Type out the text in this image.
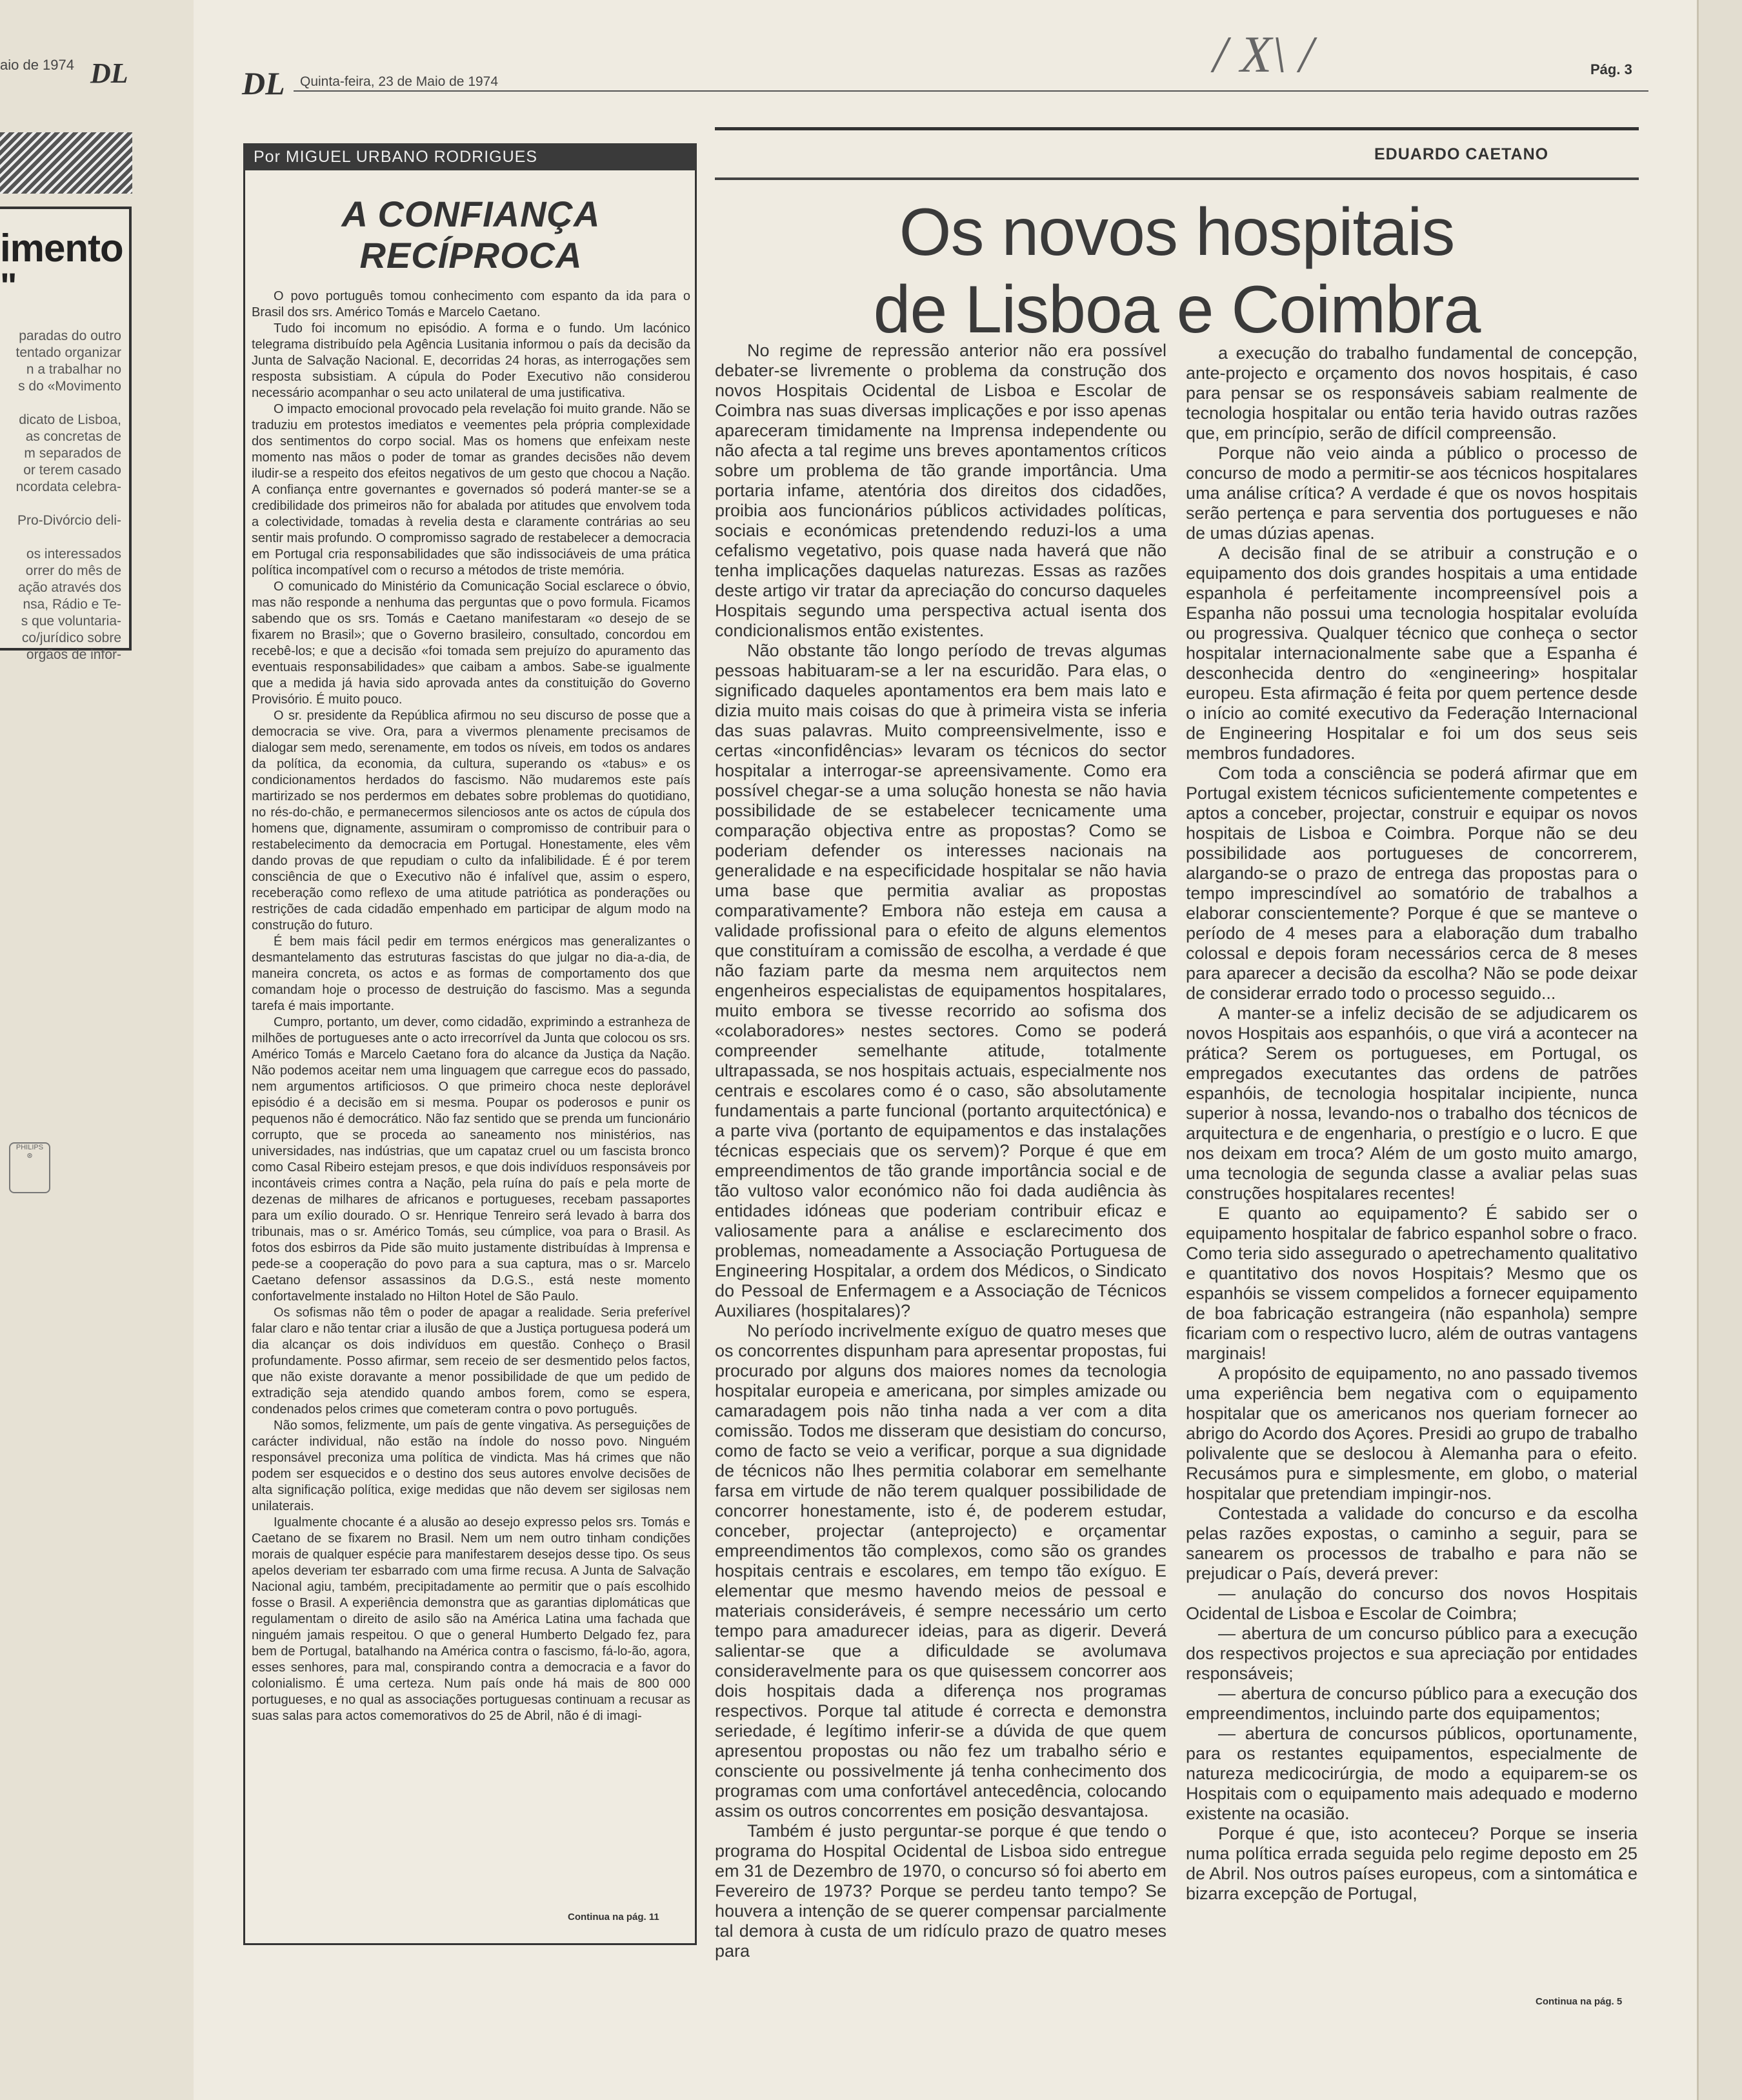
aio de 1974 DL
imento
"
paradas do outro
tentado organizar
n a trabalhar no
s do «Movimento
dicato de Lisboa,
as concretas de
m separados de
or terem casado
ncordata celebra-
Pro-Divórcio deli-
os interessados
orrer do mês de
ação através dos
nsa, Rádio e Te-
s que voluntaria-
co/jurídico sobre
orgãos de infor-
PHILIPS
⊛
DL Quinta-feira, 23 de Maio de 1974
Pág. 3
/ X\ /
Por MIGUEL URBANO RODRIGUES
A CONFIANÇA
RECÍPROCA

O povo português tomou conhecimento com espanto da ida para o Brasil dos srs. Américo Tomás e Marcelo Caetano.

Tudo foi incomum no episódio. A forma e o fundo. Um lacónico telegrama distribuído pela Agência Lusitania informou o país da decisão da Junta de Salvação Nacional. E, decorridas 24 horas, as interrogações sem resposta subsistiam. A cúpula do Poder Executivo não considerou necessário acompanhar o seu acto unilateral de uma justificativa.

O impacto emocional provocado pela revelação foi muito grande. Não se traduziu em protestos imediatos e veementes pela própria complexidade dos sentimentos do corpo social. Mas os homens que enfeixam neste momento nas mãos o poder de tomar as grandes decisões não devem iludir-se a respeito dos efeitos negativos de um gesto que chocou a Nação. A confiança entre governantes e governados só poderá manter-se se a credibilidade dos primeiros não for abalada por atitudes que envolvem toda a colectividade, tomadas à revelia desta e claramente contrárias ao seu sentir mais profundo. O compromisso sagrado de restabelecer a democracia em Portugal cria responsabilidades que são indissociáveis de uma prática política incompatível com o recurso a métodos de triste memória.

O comunicado do Ministério da Comunicação Social esclarece o óbvio, mas não responde a nenhuma das perguntas que o povo formula. Ficamos sabendo que os srs. Tomás e Caetano manifestaram «o desejo de se fixarem no Brasil»; que o Governo brasileiro, consultado, concordou em recebê-los; e que a decisão «foi tomada sem prejuízo do apuramento das eventuais responsabilidades» que caibam a ambos. Sabe-se igualmente que a medida já havia sido aprovada antes da constituição do Governo Provisório. É muito pouco.

O sr. presidente da República afirmou no seu discurso de posse que a democracia se vive. Ora, para a vivermos plenamente precisamos de dialogar sem medo, serenamente, em todos os níveis, em todos os andares da política, da economia, da cultura, superando os «tabus» e os condicionamentos herdados do fascismo. Não mudaremos este país martirizado se nos perdermos em debates sobre problemas do quotidiano, no rés-do-chão, e permanecermos silenciosos ante os actos de cúpula dos homens que, dignamente, assumiram o compromisso de contribuir para o restabelecimento da democracia em Portugal. Honestamente, eles vêm dando provas de que repudiam o culto da infalibilidade. É é por terem consciência de que o Executivo não é infalível que, assim o espero, receberação como reflexo de uma atitude patriótica as ponderações ou restrições de cada cidadão empenhado em participar de algum modo na construção do futuro.

É bem mais fácil pedir em termos enérgicos mas generalizantes o desmantelamento das estruturas fascistas do que julgar no dia-a-dia, de maneira concreta, os actos e as formas de comportamento dos que comandam hoje o processo de destruição do fascismo. Mas a segunda tarefa é mais importante.

Cumpro, portanto, um dever, como cidadão, exprimindo a estranheza de milhões de portugueses ante o acto irrecorrível da Junta que colocou os srs. Américo Tomás e Marcelo Caetano fora do alcance da Justiça da Nação. Não podemos aceitar nem uma linguagem que carregue ecos do passado, nem argumentos artificiosos. O que primeiro choca neste deplorável episódio é a decisão em si mesma. Poupar os poderosos e punir os pequenos não é democrático. Não faz sentido que se prenda um funcionário corrupto, que se proceda ao saneamento nos ministérios, nas universidades, nas indústrias, que um capataz cruel ou um fascista bronco como Casal Ribeiro estejam presos, e que dois indivíduos responsáveis por incontáveis crimes contra a Nação, pela ruína do país e pela morte de dezenas de milhares de africanos e portugueses, recebam passaportes para um exílio dourado. O sr. Henrique Tenreiro será levado à barra dos tribunais, mas o sr. Américo Tomás, seu cúmplice, voa para o Brasil. As fotos dos esbirros da Pide são muito justamente distribuídas à Imprensa e pede-se a cooperação do povo para a sua captura, mas o sr. Marcelo Caetano defensor assassinos da D.G.S., está neste momento confortavelmente instalado no Hilton Hotel de São Paulo.

Os sofismas não têm o poder de apagar a realidade. Seria preferível falar claro e não tentar criar a ilusão de que a Justiça portuguesa poderá um dia alcançar os dois indivíduos em questão. Conheço o Brasil profundamente. Posso afirmar, sem receio de ser desmentido pelos factos, que não existe doravante a menor possibilidade de que um pedido de extradição seja atendido quando ambos forem, como se espera, condenados pelos crimes que cometeram contra o povo português.

Não somos, felizmente, um país de gente vingativa. As perseguições de carácter individual, não estão na índole do nosso povo. Ninguém responsável preconiza uma política de vindicta. Mas há crimes que não podem ser esquecidos e o destino dos seus autores envolve decisões de alta significação política, exige medidas que não devem ser sigilosas nem unilaterais.

Igualmente chocante é a alusão ao desejo expresso pelos srs. Tomás e Caetano de se fixarem no Brasil. Nem um nem outro tinham condições morais de qualquer espécie para manifestarem desejos desse tipo. Os seus apelos deveriam ter esbarrado com uma firme recusa. A Junta de Salvação Nacional agiu, também, precipitadamente ao permitir que o país escolhido fosse o Brasil. A experiência demonstra que as garantias diplomáticas que regulamentam o direito de asilo são na América Latina uma fachada que ninguém jamais respeitou. O que o general Humberto Delgado fez, para bem de Portugal, batalhando na América contra o fascismo, fá-lo-ão, agora, esses senhores, para mal, conspirando contra a democracia e a favor do colonialismo. É uma certeza. Num país onde há mais de 800 000 portugueses, e no qual as associações portuguesas continuam a recusar as suas salas para actos comemorativos do 25 de Abril, não é di imagi-

Continua na pág. 11
EDUARDO CAETANO
Os novos hospitais
de Lisboa e Coimbra

No regime de repressão anterior não era possível debater-se livremente o problema da construção dos novos Hospitais Ocidental de Lisboa e Escolar de Coimbra nas suas diversas implicações e por isso apenas apareceram timidamente na Imprensa independente ou não afecta a tal regime uns breves apontamentos críticos sobre um problema de tão grande importância. Uma portaria infame, atentória dos direitos dos cidadões, proibia aos funcionários públicos actividades políticas, sociais e económicas pretendendo reduzi-los a uma cefalismo vegetativo, pois quase nada haverá que não tenha implicações daquelas naturezas. Essas as razões deste artigo vir tratar da apreciação do concurso daqueles Hospitais segundo uma perspectiva actual isenta dos condicionalismos então existentes.

Não obstante tão longo período de trevas algumas pessoas habituaram-se a ler na escuridão. Para elas, o significado daqueles apontamentos era bem mais lato e dizia muito mais coisas do que à primeira vista se inferia das suas palavras. Muito compreensivelmente, isso e certas «inconfidências» levaram os técnicos do sector hospitalar a interrogar-se apreensivamente. Como era possível chegar-se a uma solução honesta se não havia possibilidade de se estabelecer tecnicamente uma comparação objectiva entre as propostas? Como se poderiam defender os interesses nacionais na generalidade e na especificidade hospitalar se não havia uma base que permitia avaliar as propostas comparativamente? Embora não esteja em causa a validade profissional para o efeito de alguns elementos que constituíram a comissão de escolha, a verdade é que não faziam parte da mesma nem arquitectos nem engenheiros especialistas de equipamentos hospitalares, muito embora se tivesse recorrido ao sofisma dos «colaboradores» nestes sectores. Como se poderá compreender semelhante atitude, totalmente ultrapassada, se nos hospitais actuais, especialmente nos centrais e escolares como é o caso, são absolutamente fundamentais a parte funcional (portanto arquitectónica) e a parte viva (portanto de equipamentos e das instalações técnicas especiais que os servem)? Porque é que em empreendimentos de tão grande importância social e de tão vultoso valor económico não foi dada audiência às entidades idóneas que poderiam contribuir eficaz e valiosamente para a análise e esclarecimento dos problemas, nomeadamente a Associação Portuguesa de Engineering Hospitalar, a ordem dos Médicos, o Sindicato do Pessoal de Enfermagem e a Associação de Técnicos Auxiliares (hospitalares)?

No período incrivelmente exíguo de quatro meses que os concorrentes dispunham para apresentar propostas, fui procurado por alguns dos maiores nomes da tecnologia hospitalar europeia e americana, por simples amizade ou camaradagem pois não tinha nada a ver com a dita comissão. Todos me disseram que desistiam do concurso, como de facto se veio a verificar, porque a sua dignidade de técnicos não lhes permitia colaborar em semelhante farsa em virtude de não terem qualquer possibilidade de concorrer honestamente, isto é, de poderem estudar, conceber, projectar (anteprojecto) e orçamentar empreendimentos tão complexos, como são os grandes hospitais centrais e escolares, em tempo tão exíguo. E elementar que mesmo havendo meios de pessoal e materiais consideráveis, é sempre necessário um certo tempo para amadurecer ideias, para as digerir. Deverá salientar-se que a dificuldade se avolumava consideravelmente para os que quisessem concorrer aos dois hospitais dada a diferença nos programas respectivos. Porque tal atitude é correcta e demonstra seriedade, é legítimo inferir-se a dúvida de que quem apresentou propostas ou não fez um trabalho sério e consciente ou possivelmente já tenha conhecimento dos programas com uma confortável antecedência, colocando assim os outros concorrentes em posição desvantajosa.

Também é justo perguntar-se porque é que tendo o programa do Hospital Ocidental de Lisboa sido entregue em 31 de Dezembro de 1970, o concurso só foi aberto em Fevereiro de 1973? Porque se perdeu tanto tempo? Se houvera a intenção de se querer compensar parcialmente tal demora à custa de um ridículo prazo de quatro meses para

a execução do trabalho fundamental de concepção, ante-projecto e orçamento dos novos hospitais, é caso para pensar se os responsáveis sabiam realmente de tecnologia hospitalar ou então teria havido outras razões que, em princípio, serão de difícil compreensão.

Porque não veio ainda a público o processo de concurso de modo a permitir-se aos técnicos hospitalares uma análise crítica? A verdade é que os novos hospitais serão pertença e para serventia dos portugueses e não de umas dúzias apenas.

A decisão final de se atribuir a construção e o equipamento dos dois grandes hospitais a uma entidade espanhola é perfeitamente incompreensível pois a Espanha não possui uma tecnologia hospitalar evoluída ou progressiva. Qualquer técnico que conheça o sector hospitalar internacionalmente sabe que a Espanha é desconhecida dentro do «engineering» hospitalar europeu. Esta afirmação é feita por quem pertence desde o início ao comité executivo da Federação Internacional de Engineering Hospitalar e foi um dos seus seis membros fundadores.

Com toda a consciência se poderá afirmar que em Portugal existem técnicos suficientemente competentes e aptos a conceber, projectar, construir e equipar os novos hospitais de Lisboa e Coimbra. Porque não se deu possibilidade aos portugueses de concorrerem, alargando-se o prazo de entrega das propostas para o tempo imprescindível ao somatório de trabalhos a elaborar conscientemente? Porque é que se manteve o período de 4 meses para a elaboração dum trabalho colossal e depois foram necessários cerca de 8 meses para aparecer a decisão da escolha? Não se pode deixar de considerar errado todo o processo seguido...

A manter-se a infeliz decisão de se adjudicarem os novos Hospitais aos espanhóis, o que virá a acontecer na prática? Serem os portugueses, em Portugal, os empregados executantes das ordens de patrões espanhóis, de tecnologia hospitalar incipiente, nunca superior à nossa, levando-nos o trabalho dos técnicos de arquitectura e de engenharia, o prestígio e o lucro. E que nos deixam em troca? Além de um gosto muito amargo, uma tecnologia de segunda classe a avaliar pelas suas construções hospitalares recentes!

E quanto ao equipamento? É sabido ser o equipamento hospitalar de fabrico espanhol sobre o fraco. Como teria sido assegurado o apetrechamento qualitativo e quantitativo dos novos Hospitais? Mesmo que os espanhóis se vissem compelidos a fornecer equipamento de boa fabricação estrangeira (não espanhola) sempre ficariam com o respectivo lucro, além de outras vantagens marginais!

A propósito de equipamento, no ano passado tivemos uma experiência bem negativa com o equipamento hospitalar que os americanos nos queriam fornecer ao abrigo do Acordo dos Açores. Presidi ao grupo de trabalho polivalente que se deslocou à Alemanha para o efeito. Recusámos pura e simplesmente, em globo, o material hospitalar que pretendiam impingir-nos.

Contestada a validade do concurso e da escolha pelas razões expostas, o caminho a seguir, para se sanearem os processos de trabalho e para não se prejudicar o País, deverá prever:

— anulação do concurso dos novos Hospitais Ocidental de Lisboa e Escolar de Coimbra;

— abertura de um concurso público para a execução dos respectivos projectos e sua apreciação por entidades responsáveis;

— abertura de concurso público para a execução dos empreendimentos, incluindo parte dos equipamentos;

— abertura de concursos públicos, oportunamente, para os restantes equipamentos, especialmente de natureza medicocirúrgia, de modo a equiparem-se os Hospitais com o equipamento mais adequado e moderno existente na ocasião.

Porque é que, isto aconteceu? Porque se inseria numa política errada seguida pelo regime deposto em 25 de Abril. Nos outros países europeus, com a sintomática e bizarra excepção de Portugal,

Continua na pág. 5
